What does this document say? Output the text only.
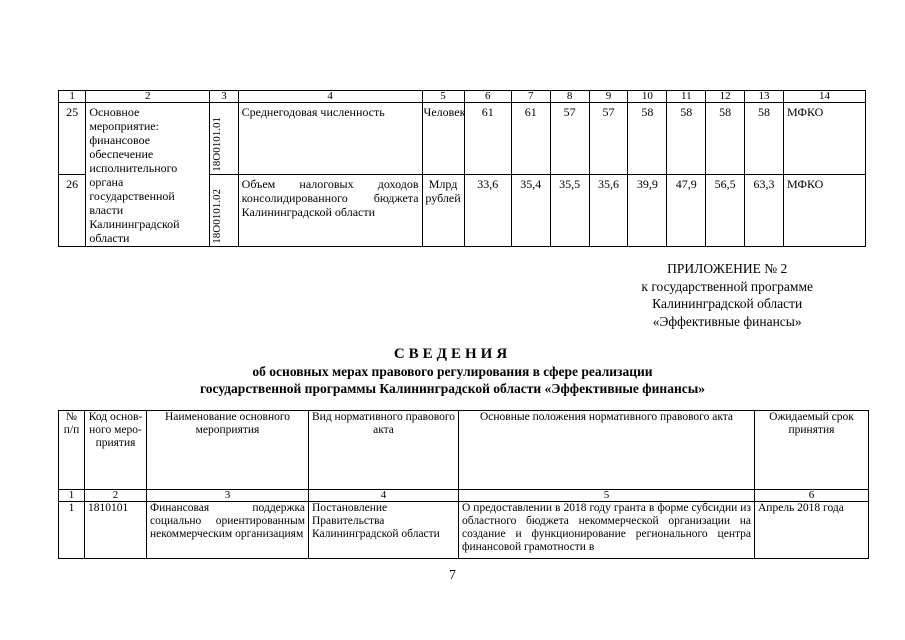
1	2	3	4	5	6	7	8	9	10	11	12	13	14
25	Основное мероприятие: финансовое обеспечение исполнительного органа государственной власти Калининградской области	18О0101.01	Среднегодовая численность	Человек	61	61	57	57	58	58	58	58	МФКО
26		18О0101.02	Объем налоговых доходов консолидированного бюджета Калининградской области	Млрд рублей	33,6	35,4	35,5	35,6	39,9	47,9	56,5	63,3	МФКО
ПРИЛОЖЕНИЕ № 2
к государственной программе
Калининградской области
«Эффективные финансы»
СВЕДЕНИЯ
об основных мерах правового регулирования в сфере реализации
государственной программы Калининградской области «Эффективные финансы»
№ п/п	Код основ-ного меро-приятия	Наименование основного мероприятия	Вид нормативного правового акта	Основные положения нормативного правового акта	Ожидаемый срок принятия
1	2	3	4	5	6
1	1810101	Финансовая поддержка социально ориентированным некоммерческим организациям	Постановление Правительства Калининградской области	О предоставлении в 2018 году гранта в форме субсидии из областного бюджета некоммерческой организации на создание и функционирование регионального центра финансовой грамотности в	Апрель 2018 года
7
